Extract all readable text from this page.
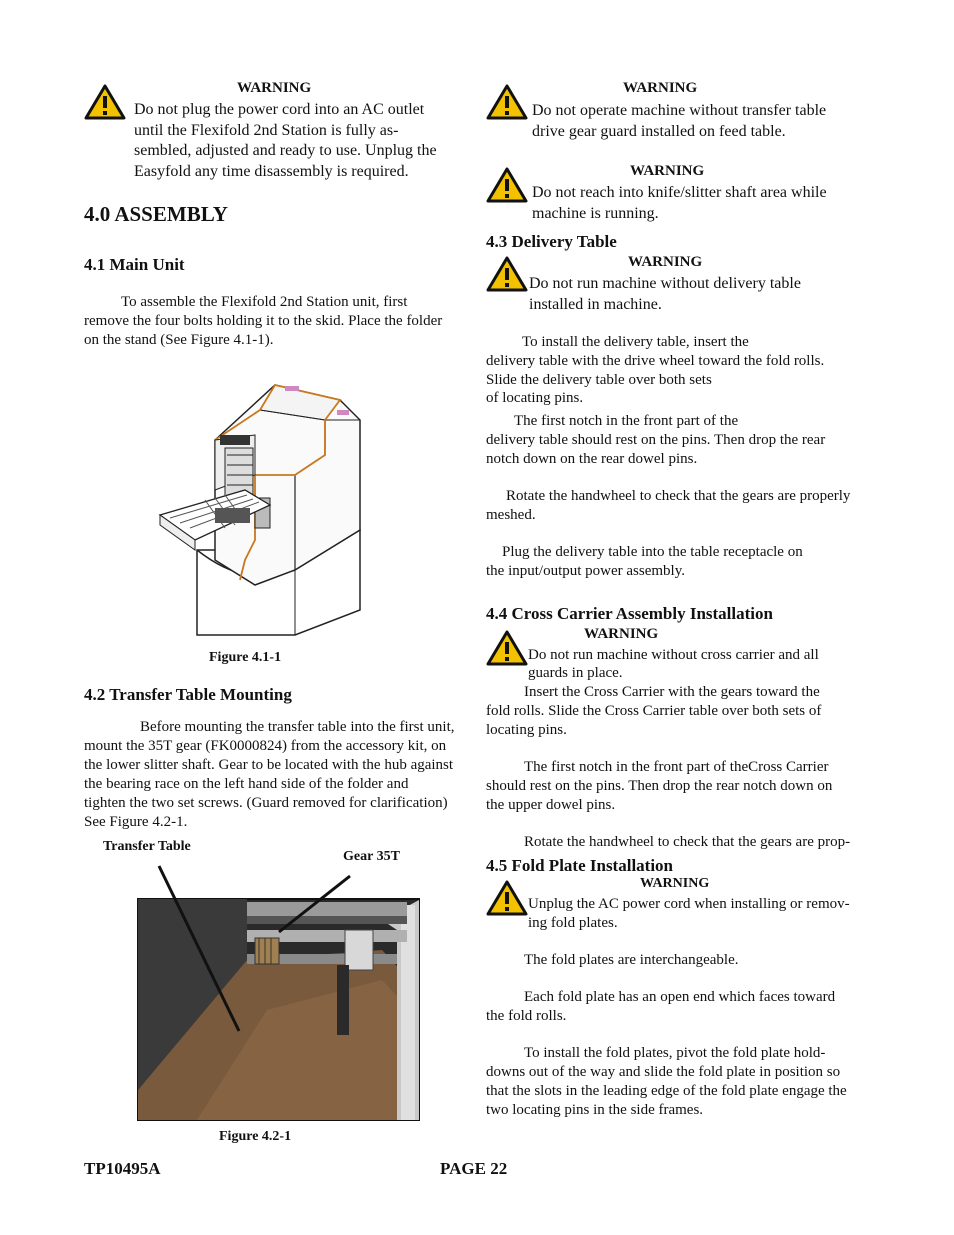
WARNING
Do not plug the power cord into an AC outlet
until the Flexifold 2nd Station is fully as-
sembled, adjusted and ready to use. Unplug the
Easyfold any time disassembly is required.
4.0 ASSEMBLY
4.1 Main Unit
To assemble the Flexifold 2nd Station unit, first
remove the four bolts holding it to the skid. Place the folder
on the stand (See Figure 4.1-1).
Figure 4.1-1
4.2 Transfer Table Mounting
Before mounting the transfer table into the first unit,
mount the 35T gear (FK0000824) from the accessory kit, on
the lower slitter shaft. Gear to be located with the hub against
the bearing race on the left hand side of the folder and
tighten the two set screws. (Guard removed for clarification)
See Figure 4.2-1.
Transfer Table
Gear 35T
Figure 4.2-1
WARNING
Do not operate machine without transfer table
drive gear guard installed on feed table.
WARNING
Do not reach into knife/slitter shaft area while
machine is running.
4.3 Delivery Table
WARNING
Do not run machine without delivery table
installed in machine.
To install the delivery table, insert the
delivery table with the drive wheel toward the fold rolls.
Slide the delivery table over both sets
of locating pins.
The first notch in the front part of the
delivery table should rest on the pins. Then drop the rear
notch down on the rear dowel pins.
Rotate the handwheel to check that the gears are properly
meshed.
Plug the delivery table into the table receptacle on
the input/output power assembly.
4.4 Cross Carrier Assembly Installation
WARNING
Do not run machine without cross carrier and all
guards in place.
Insert the Cross Carrier with the gears toward the
fold rolls. Slide the Cross Carrier table over both sets of
locating pins.
The first notch in the front part of theCross Carrier
should rest on the pins. Then drop the rear notch down on
the upper dowel pins.
Rotate the handwheel to check that the gears are prop-
4.5 Fold Plate Installation
WARNING
Unplug the AC power cord when installing or remov-
ing fold plates.
The fold plates are interchangeable.
Each fold plate has an open end which faces toward
the fold rolls.
To install the fold plates, pivot the fold plate hold-
downs out of the way and slide the fold plate in position so
that the slots in the leading edge of the fold plate engage the
two locating pins in the side frames.
TP10495A	PAGE 22
